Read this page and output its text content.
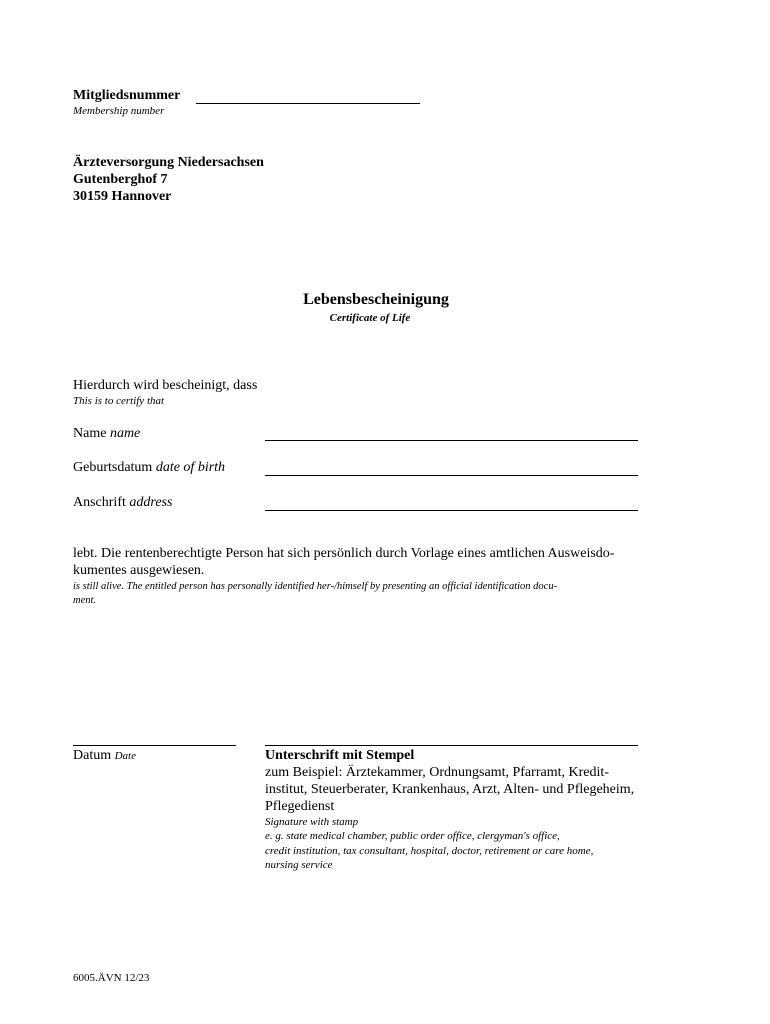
Mitgliedsnummer
Membership number
Ärzteversorgung Niedersachsen
Gutenberghof 7
30159 Hannover
Lebensbescheinigung
Certificate of Life
Hierdurch wird bescheinigt, dass
This is to certify that
Name name
Geburtsdatum date of birth
Anschrift address
lebt. Die rentenberechtigte Person hat sich persönlich durch Vorlage eines amtlichen Ausweisdo-
kumentes ausgewiesen.
is still alive. The entitled person has personally identified her-/himself by presenting an official identification docu-
ment.
Datum Date	Unterschrift mit Stempel
zum Beispiel: Ärztekammer, Ordnungsamt, Pfarramt, Kredit-
institut, Steuerberater, Krankenhaus, Arzt, Alten- und Pflegeheim,
Pflegedienst
Signature with stamp
e. g. state medical chamber, public order office, clergyman's office,
credit institution, tax consultant, hospital, doctor, retirement or care home,
nursing service
6005.ÄVN 12/23
